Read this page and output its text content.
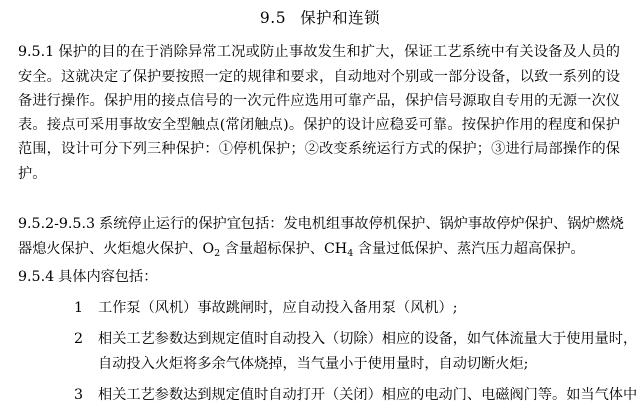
9.5 保护和连锁
9.5.1 保护的目的在于消除异常工况或防止事故发生和扩大，保证工艺系统中有关设备及人员的
安全。这就决定了保护要按照一定的规律和要求，自动地对个别或一部分设备，以致一系列的设
备进行操作。保护用的接点信号的一次元件应选用可靠产品，保护信号源取自专用的无源一次仪
表。接点可采用事故安全型触点(常闭触点)。保护的设计应稳妥可靠。按保护作用的程度和保护
范围，设计可分下列三种保护：①停机保护；②改变系统运行方式的保护；③进行局部操作的保
护。
9.5.2-9.5.3 系统停止运行的保护宜包括：发电机组事故停机保护、锅炉事故停炉保护、锅炉燃烧
器熄火保护、火炬熄火保护、$O_2$ 含量超标保护、$CH_4$ 含量过低保护、蒸汽压力超高保护。
9.5.4 具体内容包括：
1 工作泵（风机）事故跳闸时，应自动投入备用泵（风机）;
2 相关工艺参数达到规定值时自动投入（切除）相应的设备，如气体流量大于使用量时，
自动投入火炬将多余气体烧掉，当气量小于使用量时，自动切断火炬;
3 相关工艺参数达到规定值时自动打开（关闭）相应的电动门、电磁阀门等。如当气体中
